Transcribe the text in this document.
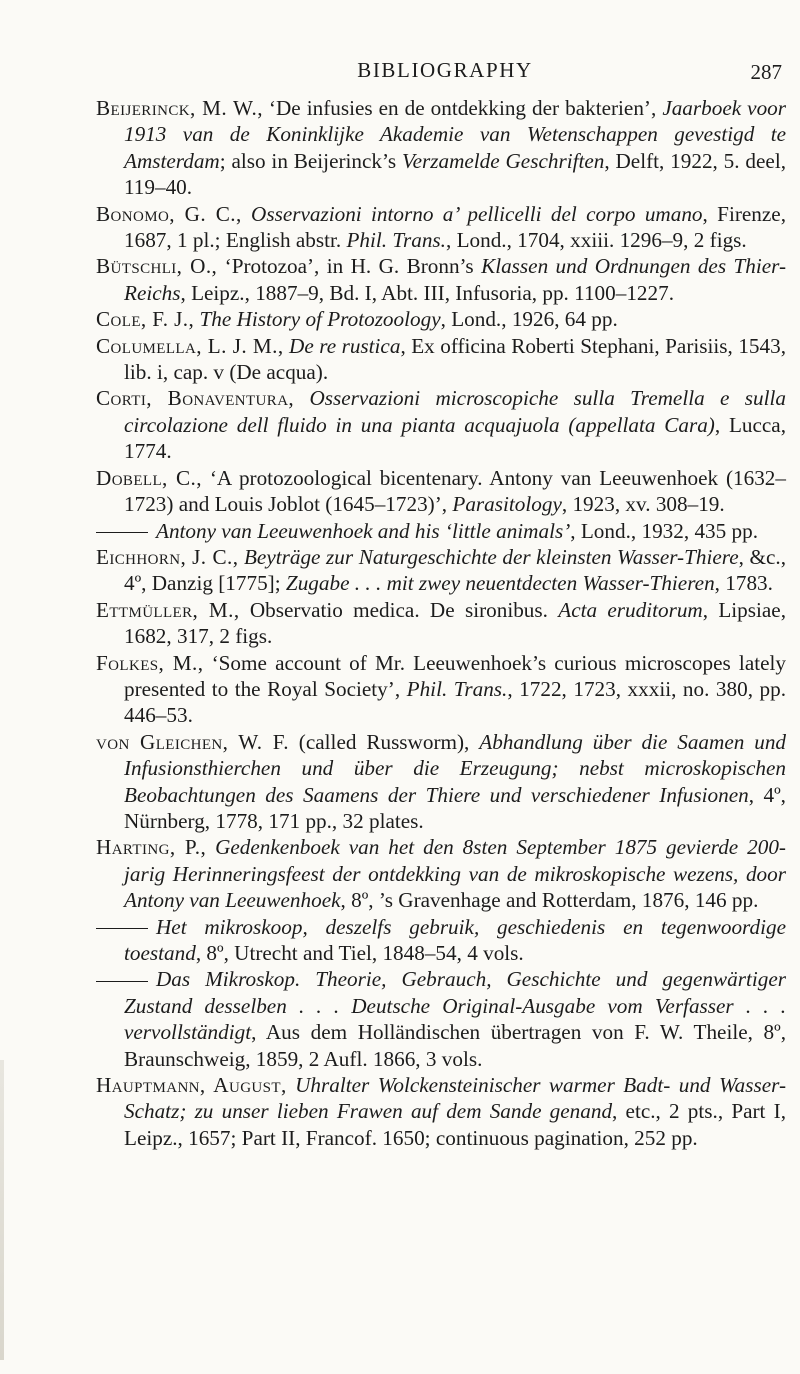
BIBLIOGRAPHY	287

Beijerinck, M. W., ‘De infusies en de ontdekking der bakterien’, Jaarboek voor 1913 van de Koninklijke Akademie van Wetenschappen gevestigd te Amsterdam; also in Beijerinck’s Verzamelde Geschriften, Delft, 1922, 5. deel, 119–40.

Bonomo, G. C., Osservazioni intorno a’ pellicelli del corpo umano, Firenze, 1687, 1 pl.; English abstr. Phil. Trans., Lond., 1704, xxiii. 1296–9, 2 figs.

Bütschli, O., ‘Protozoa’, in H. G. Bronn’s Klassen und Ordnungen des Thier-Reichs, Leipz., 1887–9, Bd. I, Abt. III, Infusoria, pp. 1100–1227.

Cole, F. J., The History of Protozoology, Lond., 1926, 64 pp.

Columella, L. J. M., De re rustica, Ex officina Roberti Stephani, Parisiis, 1543, lib. i, cap. v (De acqua).

Corti, Bonaventura, Osservazioni microscopiche sulla Tremella e sulla circolazione dell fluido in una pianta acquajuola (appellata Cara), Lucca, 1774.

Dobell, C., ‘A protozoological bicentenary. Antony van Leeuwenhoek (1632–1723) and Louis Joblot (1645–1723)’, Parasitology, 1923, xv. 308–19.

Antony van Leeuwenhoek and his ‘little animals’, Lond., 1932, 435 pp.

Eichhorn, J. C., Beyträge zur Naturgeschichte der kleinsten Wasser-Thiere, &c., 4º, Danzig [1775]; Zugabe . . . mit zwey neuentdecten Wasser-Thieren, 1783.

Ettmüller, M., Observatio medica. De sironibus. Acta eruditorum, Lipsiae, 1682, 317, 2 figs.

Folkes, M., ‘Some account of Mr. Leeuwenhoek’s curious microscopes lately presented to the Royal Society’, Phil. Trans., 1722, 1723, xxxii, no. 380, pp. 446–53.

von Gleichen, W. F. (called Russworm), Abhandlung über die Saamen und Infusionsthierchen und über die Erzeugung; nebst microskopischen Beobachtungen des Saamens der Thiere und verschiedener Infusionen, 4º, Nürnberg, 1778, 171 pp., 32 plates.

Harting, P., Gedenkenboek van het den 8sten September 1875 gevierde 200-jarig Herinneringsfeest der ontdekking van de mikroskopische wezens, door Antony van Leeuwenhoek, 8º, ’s Gravenhage and Rotterdam, 1876, 146 pp.

Het mikroskoop, deszelfs gebruik, geschiedenis en tegenwoordige toestand, 8º, Utrecht and Tiel, 1848–54, 4 vols.

Das Mikroskop. Theorie, Gebrauch, Geschichte und gegenwärtiger Zustand desselben . . . Deutsche Original-Ausgabe vom Verfasser . . . vervollständigt, Aus dem Holländischen übertragen von F. W. Theile, 8º, Braunschweig, 1859, 2 Aufl. 1866, 3 vols.

Hauptmann, August, Uhralter Wolckensteinischer warmer Badt- und Wasser-Schatz; zu unser lieben Frawen auf dem Sande genand, etc., 2 pts., Part I, Leipz., 1657; Part II, Francof. 1650; continuous pagination, 252 pp.
